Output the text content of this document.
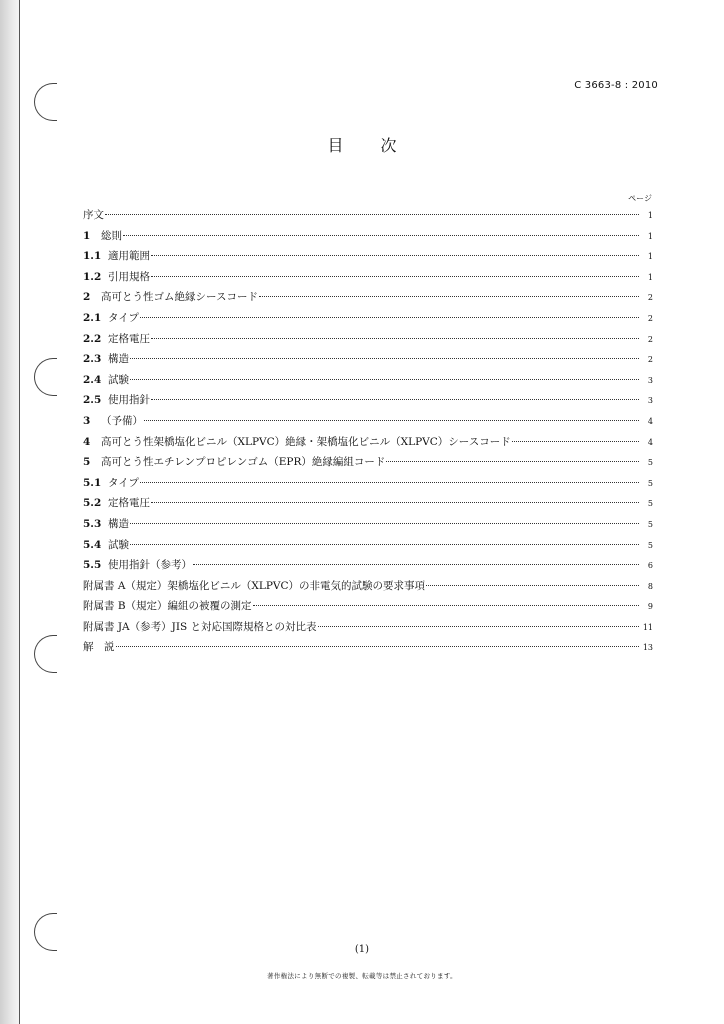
C 3663-8 : 2010
目 次
ページ
序文	1
1	総則	1
1.1 適用範囲	1
1.2 引用規格	1
2	高可とう性ゴム絶縁シースコード	2
2.1 タイプ	2
2.2 定格電圧	2
2.3 構造	2
2.4 試験	3
2.5 使用指針	3
3	（予備）	4
4	高可とう性架橋塩化ビニル（XLPVC）絶縁・架橋塩化ビニル（XLPVC）シースコード	4
5	高可とう性エチレンプロピレンゴム（EPR）絶縁編組コード	5
5.1 タイプ	5
5.2 定格電圧	5
5.3 構造	5
5.4 試験	5
5.5 使用指針（参考）	6
附属書 A（規定）架橋塩化ビニル（XLPVC）の非電気的試験の要求事項	8
附属書 B（規定）編組の被覆の測定	9
附属書 JA（参考）JIS と対応国際規格との対比表	11
解　説	13
(1)
著作権法により無断での複製、転載等は禁止されております。
